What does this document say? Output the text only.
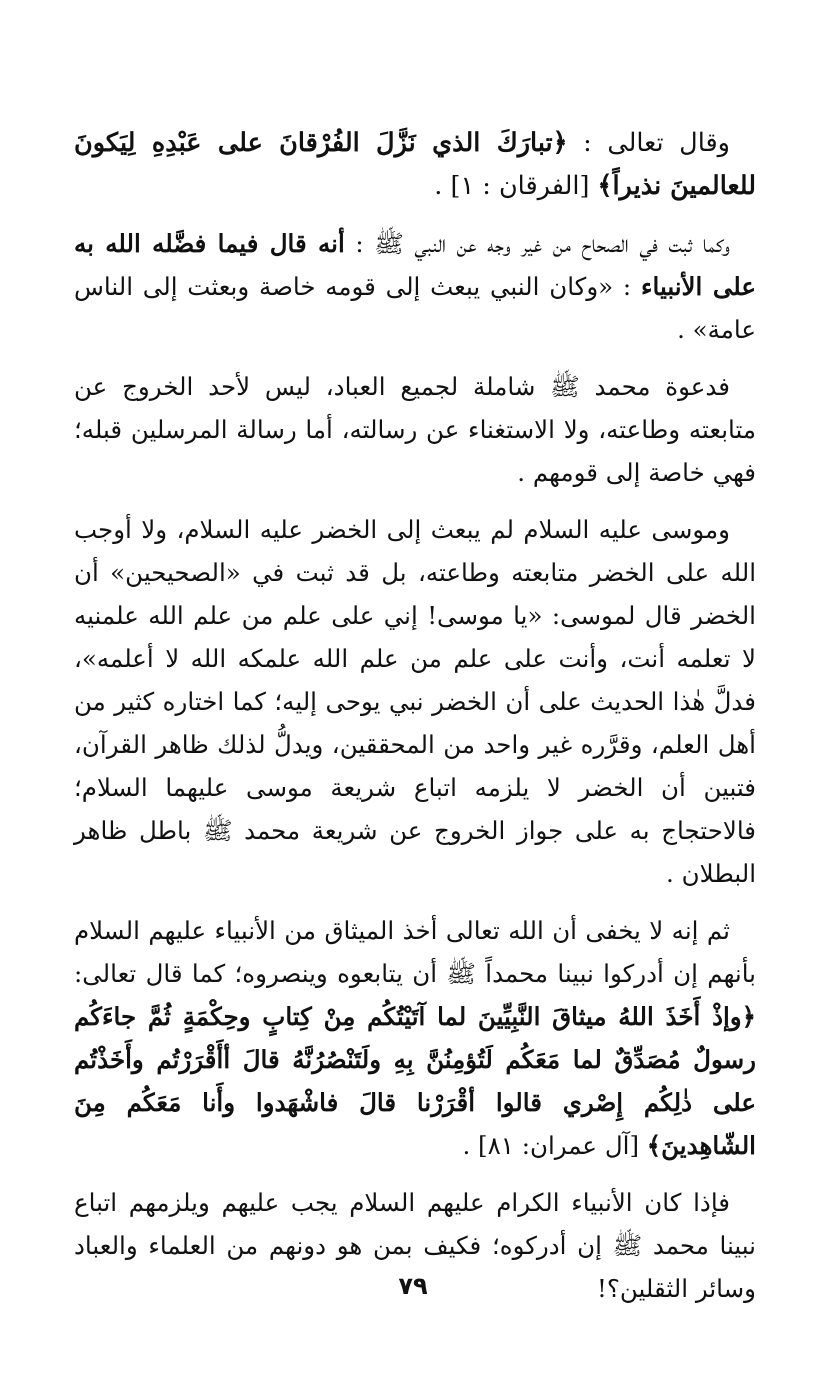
وقال تعالى : ﴿تبارَكَ الذي نَزَّلَ الفُرْقانَ على عَبْدِهِ لِيَكونَ للعالمينَ نذيراً﴾ [الفرقان : ١] .

وكما ثبت في الصحاح من غير وجه عن النبي ﷺ : أنه قال فيما فضَّله الله به على الأنبياء : «وكان النبي يبعث إلى قومه خاصة وبعثت إلى الناس عامة» .

فدعوة محمد ﷺ شاملة لجميع العباد، ليس لأحد الخروج عن متابعته وطاعته، ولا الاستغناء عن رسالته، أما رسالة المرسلين قبله؛ فهي خاصة إلى قومهم .

وموسى عليه السلام لم يبعث إلى الخضر عليه السلام، ولا أوجب الله على الخضر متابعته وطاعته، بل قد ثبت في «الصحيحين» أن الخضر قال لموسى: «يا موسى! إني على علم من علم الله علمنيه لا تعلمه أنت، وأنت على علم من علم الله علمكه الله لا أعلمه»، فدلَّ هٰذا الحديث على أن الخضر نبي يوحى إليه؛ كما اختاره كثير من أهل العلم، وقرَّره غير واحد من المحققين، ويدلُّ لذلك ظاهر القرآن، فتبين أن الخضر لا يلزمه اتباع شريعة موسى عليهما السلام؛ فالاحتجاج به على جواز الخروج عن شريعة محمد ﷺ باطل ظاهر البطلان .

ثم إنه لا يخفى أن الله تعالى أخذ الميثاق من الأنبياء عليهم السلام بأنهم إن أدركوا نبينا محمداً ﷺ أن يتابعوه وينصروه؛ كما قال تعالى: ﴿وإذْ أَخَذَ اللهُ ميثاقَ النَّبِيِّينَ لما آتَيْتُكُم مِنْ كِتابٍ وحِكْمَةٍ ثُمَّ جاءَكُم رسولٌ مُصَدِّقٌ لما مَعَكُم لَتُؤمِنُنَّ بِهِ ولَتَنْصُرُنَّهُ قالَ أأَقْرَرْتُم وأَخَذْتُم على ذٰلِكُم إِصْري قالوا أقْرَرْنا قالَ فاشْهَدوا وأَنا مَعَكُم مِنَ الشّاهِدينَ﴾ [آل عمران: ٨١] .

فإذا كان الأنبياء الكرام عليهم السلام يجب عليهم ويلزمهم اتباع نبينا محمد ﷺ إن أدركوه؛ فكيف بمن هو دونهم من العلماء والعباد وسائر الثقلين؟!

٧٩
